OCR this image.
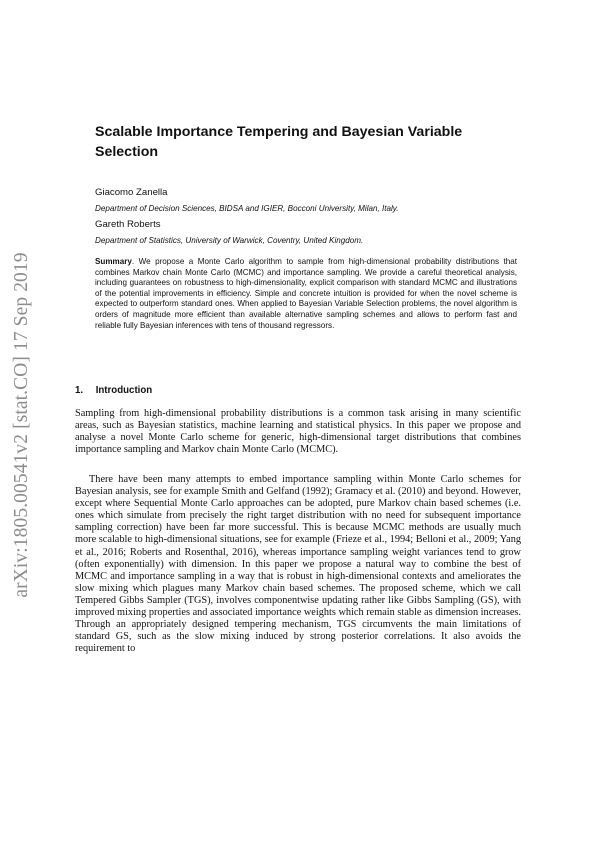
arXiv:1805.00541v2 [stat.CO] 17 Sep 2019
Scalable Importance Tempering and Bayesian Variable Selection
Giacomo Zanella
Department of Decision Sciences, BIDSA and IGIER, Bocconi University, Milan, Italy.
Gareth Roberts
Department of Statistics, University of Warwick, Coventry, United Kingdom.

Summary. We propose a Monte Carlo algorithm to sample from high-dimensional probability distributions that combines Markov chain Monte Carlo (MCMC) and importance sampling. We provide a careful theoretical analysis, including guarantees on robustness to high-dimensionality, explicit comparison with standard MCMC and illustrations of the potential improvements in efficiency. Simple and concrete intuition is provided for when the novel scheme is expected to outperform standard ones. When applied to Bayesian Variable Selection problems, the novel algorithm is orders of magnitude more efficient than available alternative sampling schemes and allows to perform fast and reliable fully Bayesian inferences with tens of thousand regressors.

1. Introduction

Sampling from high-dimensional probability distributions is a common task arising in many scientific areas, such as Bayesian statistics, machine learning and statistical physics. In this paper we propose and analyse a novel Monte Carlo scheme for generic, high-dimensional target distributions that combines importance sampling and Markov chain Monte Carlo (MCMC).

There have been many attempts to embed importance sampling within Monte Carlo schemes for Bayesian analysis, see for example Smith and Gelfand (1992); Gramacy et al. (2010) and beyond. However, except where Sequential Monte Carlo approaches can be adopted, pure Markov chain based schemes (i.e. ones which simulate from precisely the right target distribution with no need for subsequent importance sampling correction) have been far more successful. This is because MCMC methods are usually much more scalable to high-dimensional situations, see for example (Frieze et al., 1994; Belloni et al., 2009; Yang et al., 2016; Roberts and Rosenthal, 2016), whereas importance sampling weight variances tend to grow (often exponentially) with dimension. In this paper we propose a natural way to combine the best of MCMC and importance sampling in a way that is robust in high-dimensional contexts and ameliorates the slow mixing which plagues many Markov chain based schemes. The proposed scheme, which we call Tempered Gibbs Sampler (TGS), involves componentwise updating rather like Gibbs Sampling (GS), with improved mixing properties and associated importance weights which remain stable as dimension increases. Through an appropriately designed tempering mechanism, TGS circumvents the main limitations of standard GS, such as the slow mixing induced by strong posterior correlations. It also avoids the requirement to
